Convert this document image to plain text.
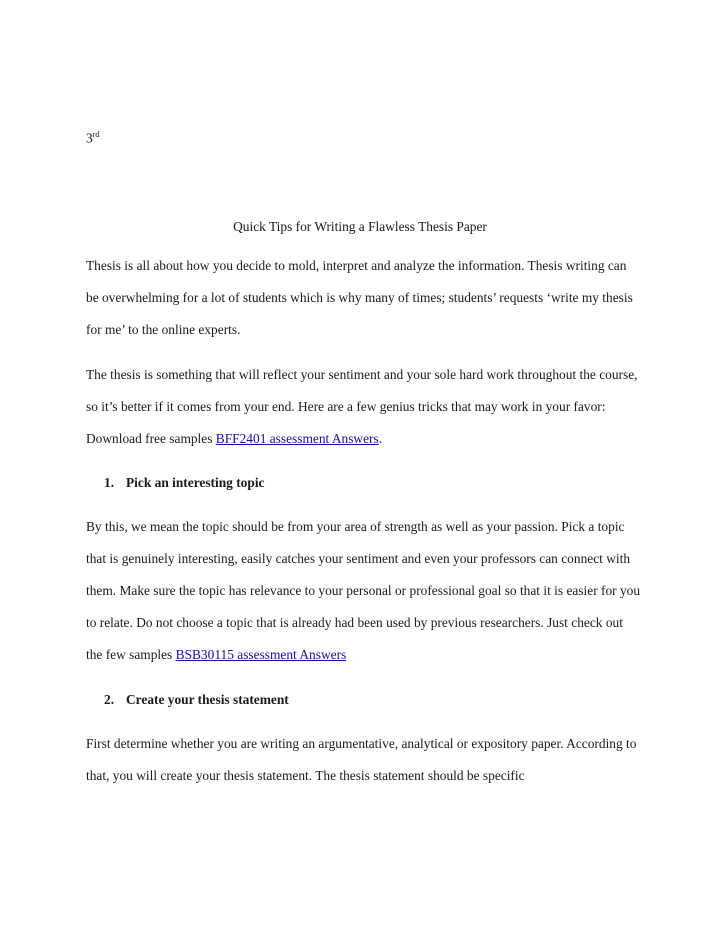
3rd
Quick Tips for Writing a Flawless Thesis Paper

Thesis is all about how you decide to mold, interpret and analyze the information. Thesis writing can be overwhelming for a lot of students which is why many of times; students’ requests ‘write my thesis for me’ to the online experts.

The thesis is something that will reflect your sentiment and your sole hard work throughout the course, so it’s better if it comes from your end. Here are a few genius tricks that may work in your favor: Download free samples BFF2401 assessment Answers.

1. Pick an interesting topic

By this, we mean the topic should be from your area of strength as well as your passion. Pick a topic that is genuinely interesting, easily catches your sentiment and even your professors can connect with them. Make sure the topic has relevance to your personal or professional goal so that it is easier for you to relate. Do not choose a topic that is already had been used by previous researchers. Just check out the few samples BSB30115 assessment Answers

2. Create your thesis statement

First determine whether you are writing an argumentative, analytical or expository paper. According to that, you will create your thesis statement. The thesis statement should be specific
